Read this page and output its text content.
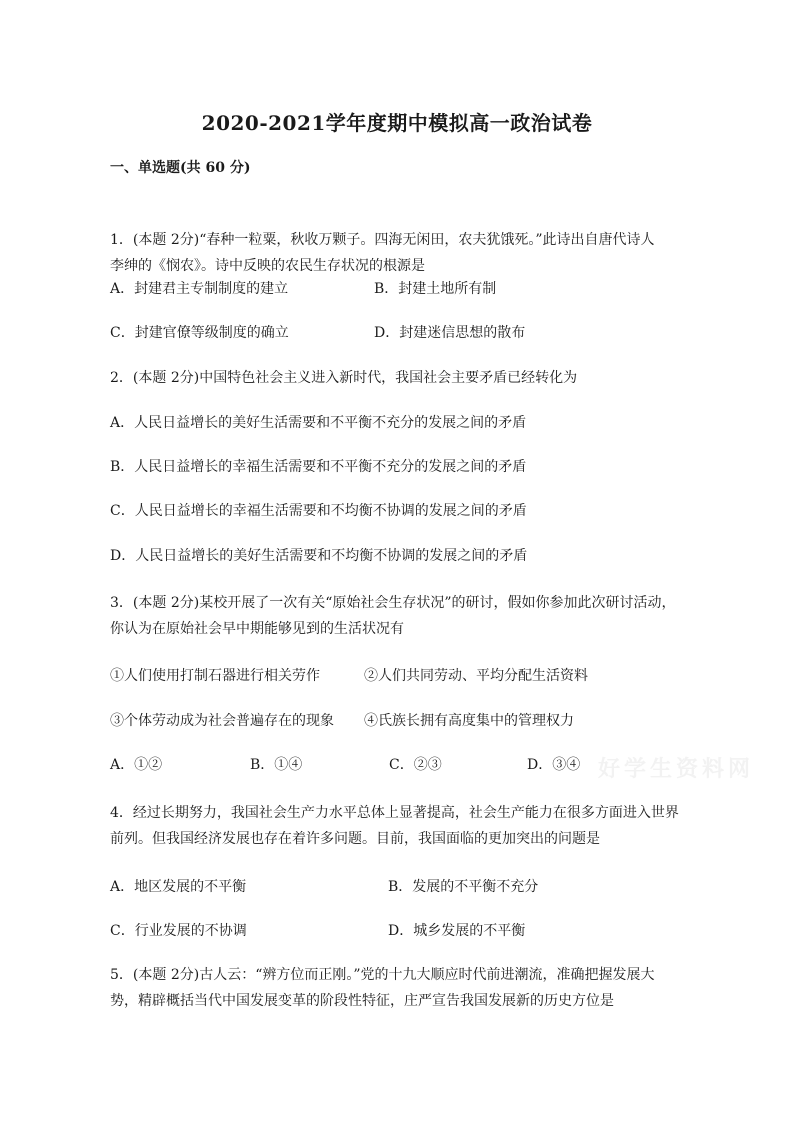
2020-2021学年度期中模拟高一政治试卷
一、单选题(共 60 分)
1．(本题 2分)“春种一粒粟，秋收万颗子。四海无闲田，农夫犹饿死。”此诗出自唐代诗人
李绅的《悯农》。诗中反映的农民生存状况的根源是
A．封建君主专制制度的建立	B．封建土地所有制
C．封建官僚等级制度的确立	D．封建迷信思想的散布
2．(本题 2分)中国特色社会主义进入新时代，我国社会主要矛盾已经转化为
A．人民日益增长的美好生活需要和不平衡不充分的发展之间的矛盾
B．人民日益增长的幸福生活需要和不平衡不充分的发展之间的矛盾
C．人民日益增长的幸福生活需要和不均衡不协调的发展之间的矛盾
D．人民日益增长的美好生活需要和不均衡不协调的发展之间的矛盾
3．(本题 2分)某校开展了一次有关“原始社会生存状况”的研讨，假如你参加此次研讨活动，
你认为在原始社会早中期能够见到的生活状况有
①人们使用打制石器进行相关劳作	②人们共同劳动、平均分配生活资料
③个体劳动成为社会普遍存在的现象 ④氏族长拥有高度集中的管理权力
A．①②	B．①④	C．②③	D．③④ 好学生资料网
4．经过长期努力，我国社会生产力水平总体上显著提高，社会生产能力在很多方面进入世界
前列。但我国经济发展也存在着许多问题。目前，我国面临的更加突出的问题是
A．地区发展的不平衡	B．发展的不平衡不充分
C．行业发展的不协调	D．城乡发展的不平衡
5．(本题 2分)古人云：“辨方位而正刚。”党的十九大顺应时代前进潮流，准确把握发展大
势，精辟概括当代中国发展变革的阶段性特征，庄严宣告我国发展新的历史方位是
